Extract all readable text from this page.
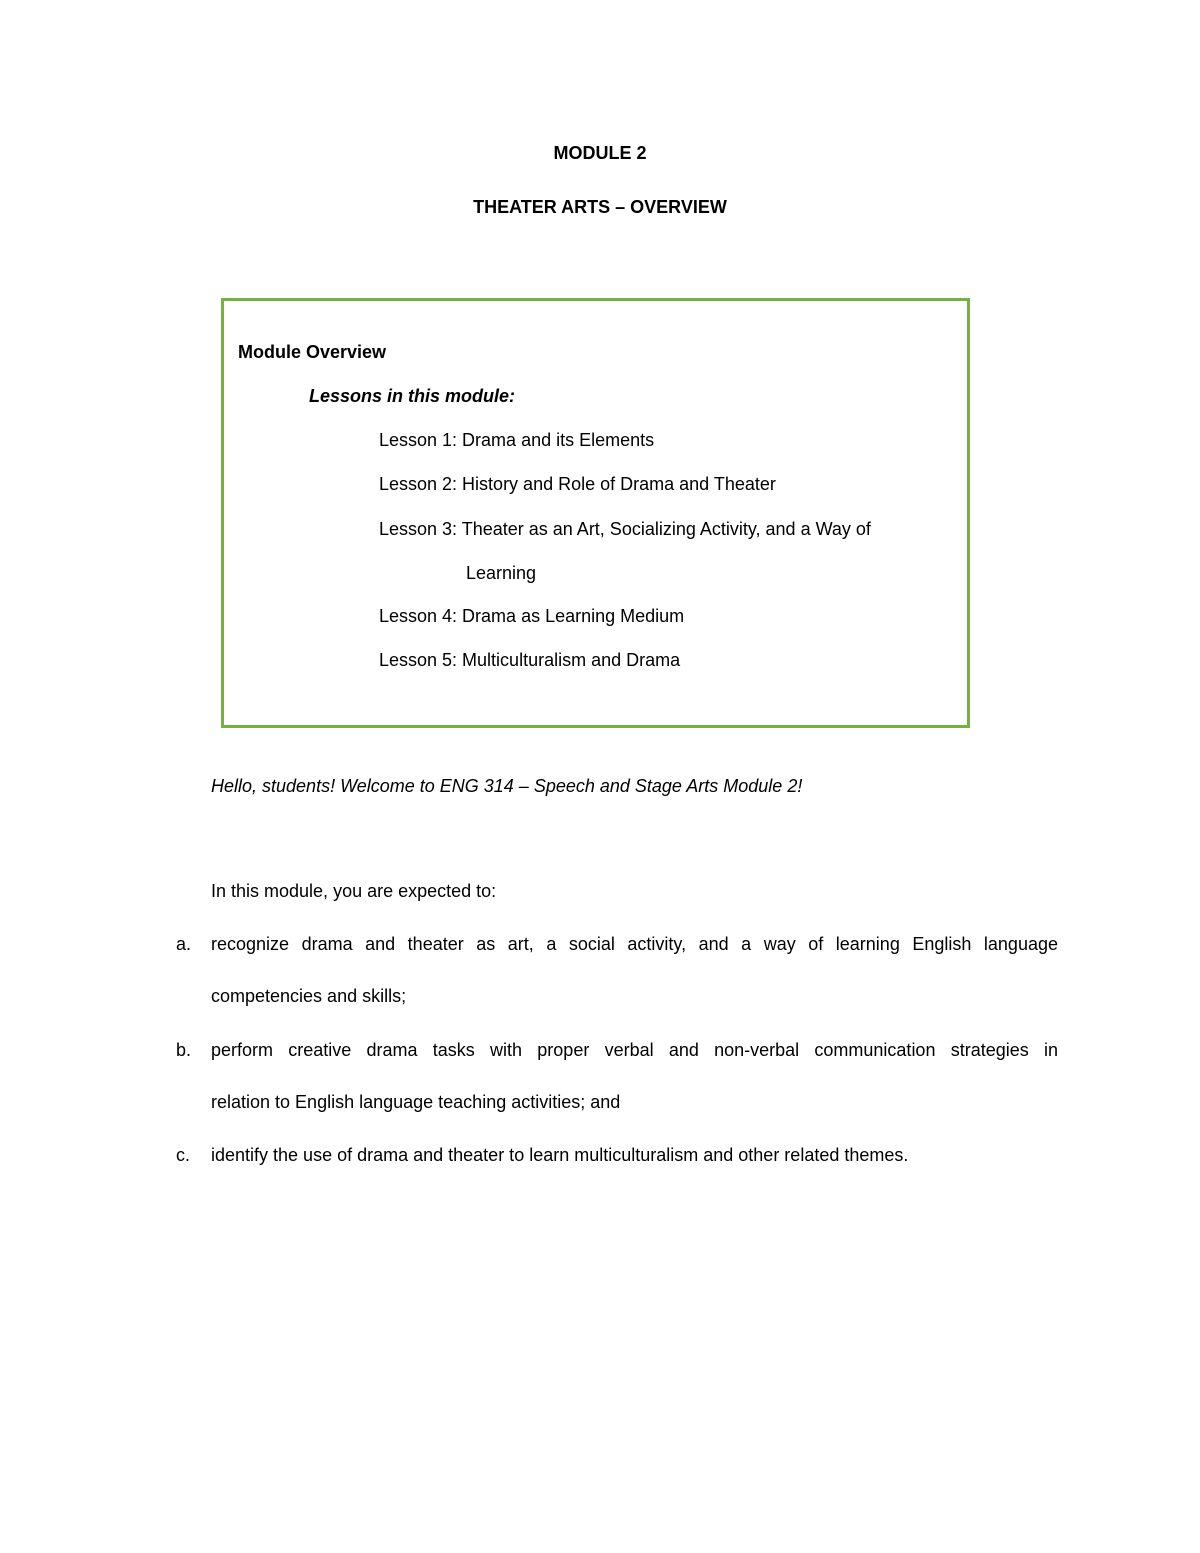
MODULE 2
THEATER ARTS – OVERVIEW
Module Overview
Lessons in this module:
Lesson 1: Drama and its Elements
Lesson 2: History and Role of Drama and Theater
Lesson 3: Theater as an Art, Socializing Activity, and a Way of
Learning
Lesson 4: Drama as Learning Medium
Lesson 5: Multiculturalism and Drama
Hello, students! Welcome to ENG 314 – Speech and Stage Arts Module 2!
In this module, you are expected to:
a. recognize drama and theater as art, a social activity, and a way of learning English language
competencies and skills;
b. perform creative drama tasks with proper verbal and non-verbal communication strategies in
relation to English language teaching activities; and
c. identify the use of drama and theater to learn multiculturalism and other related themes.
